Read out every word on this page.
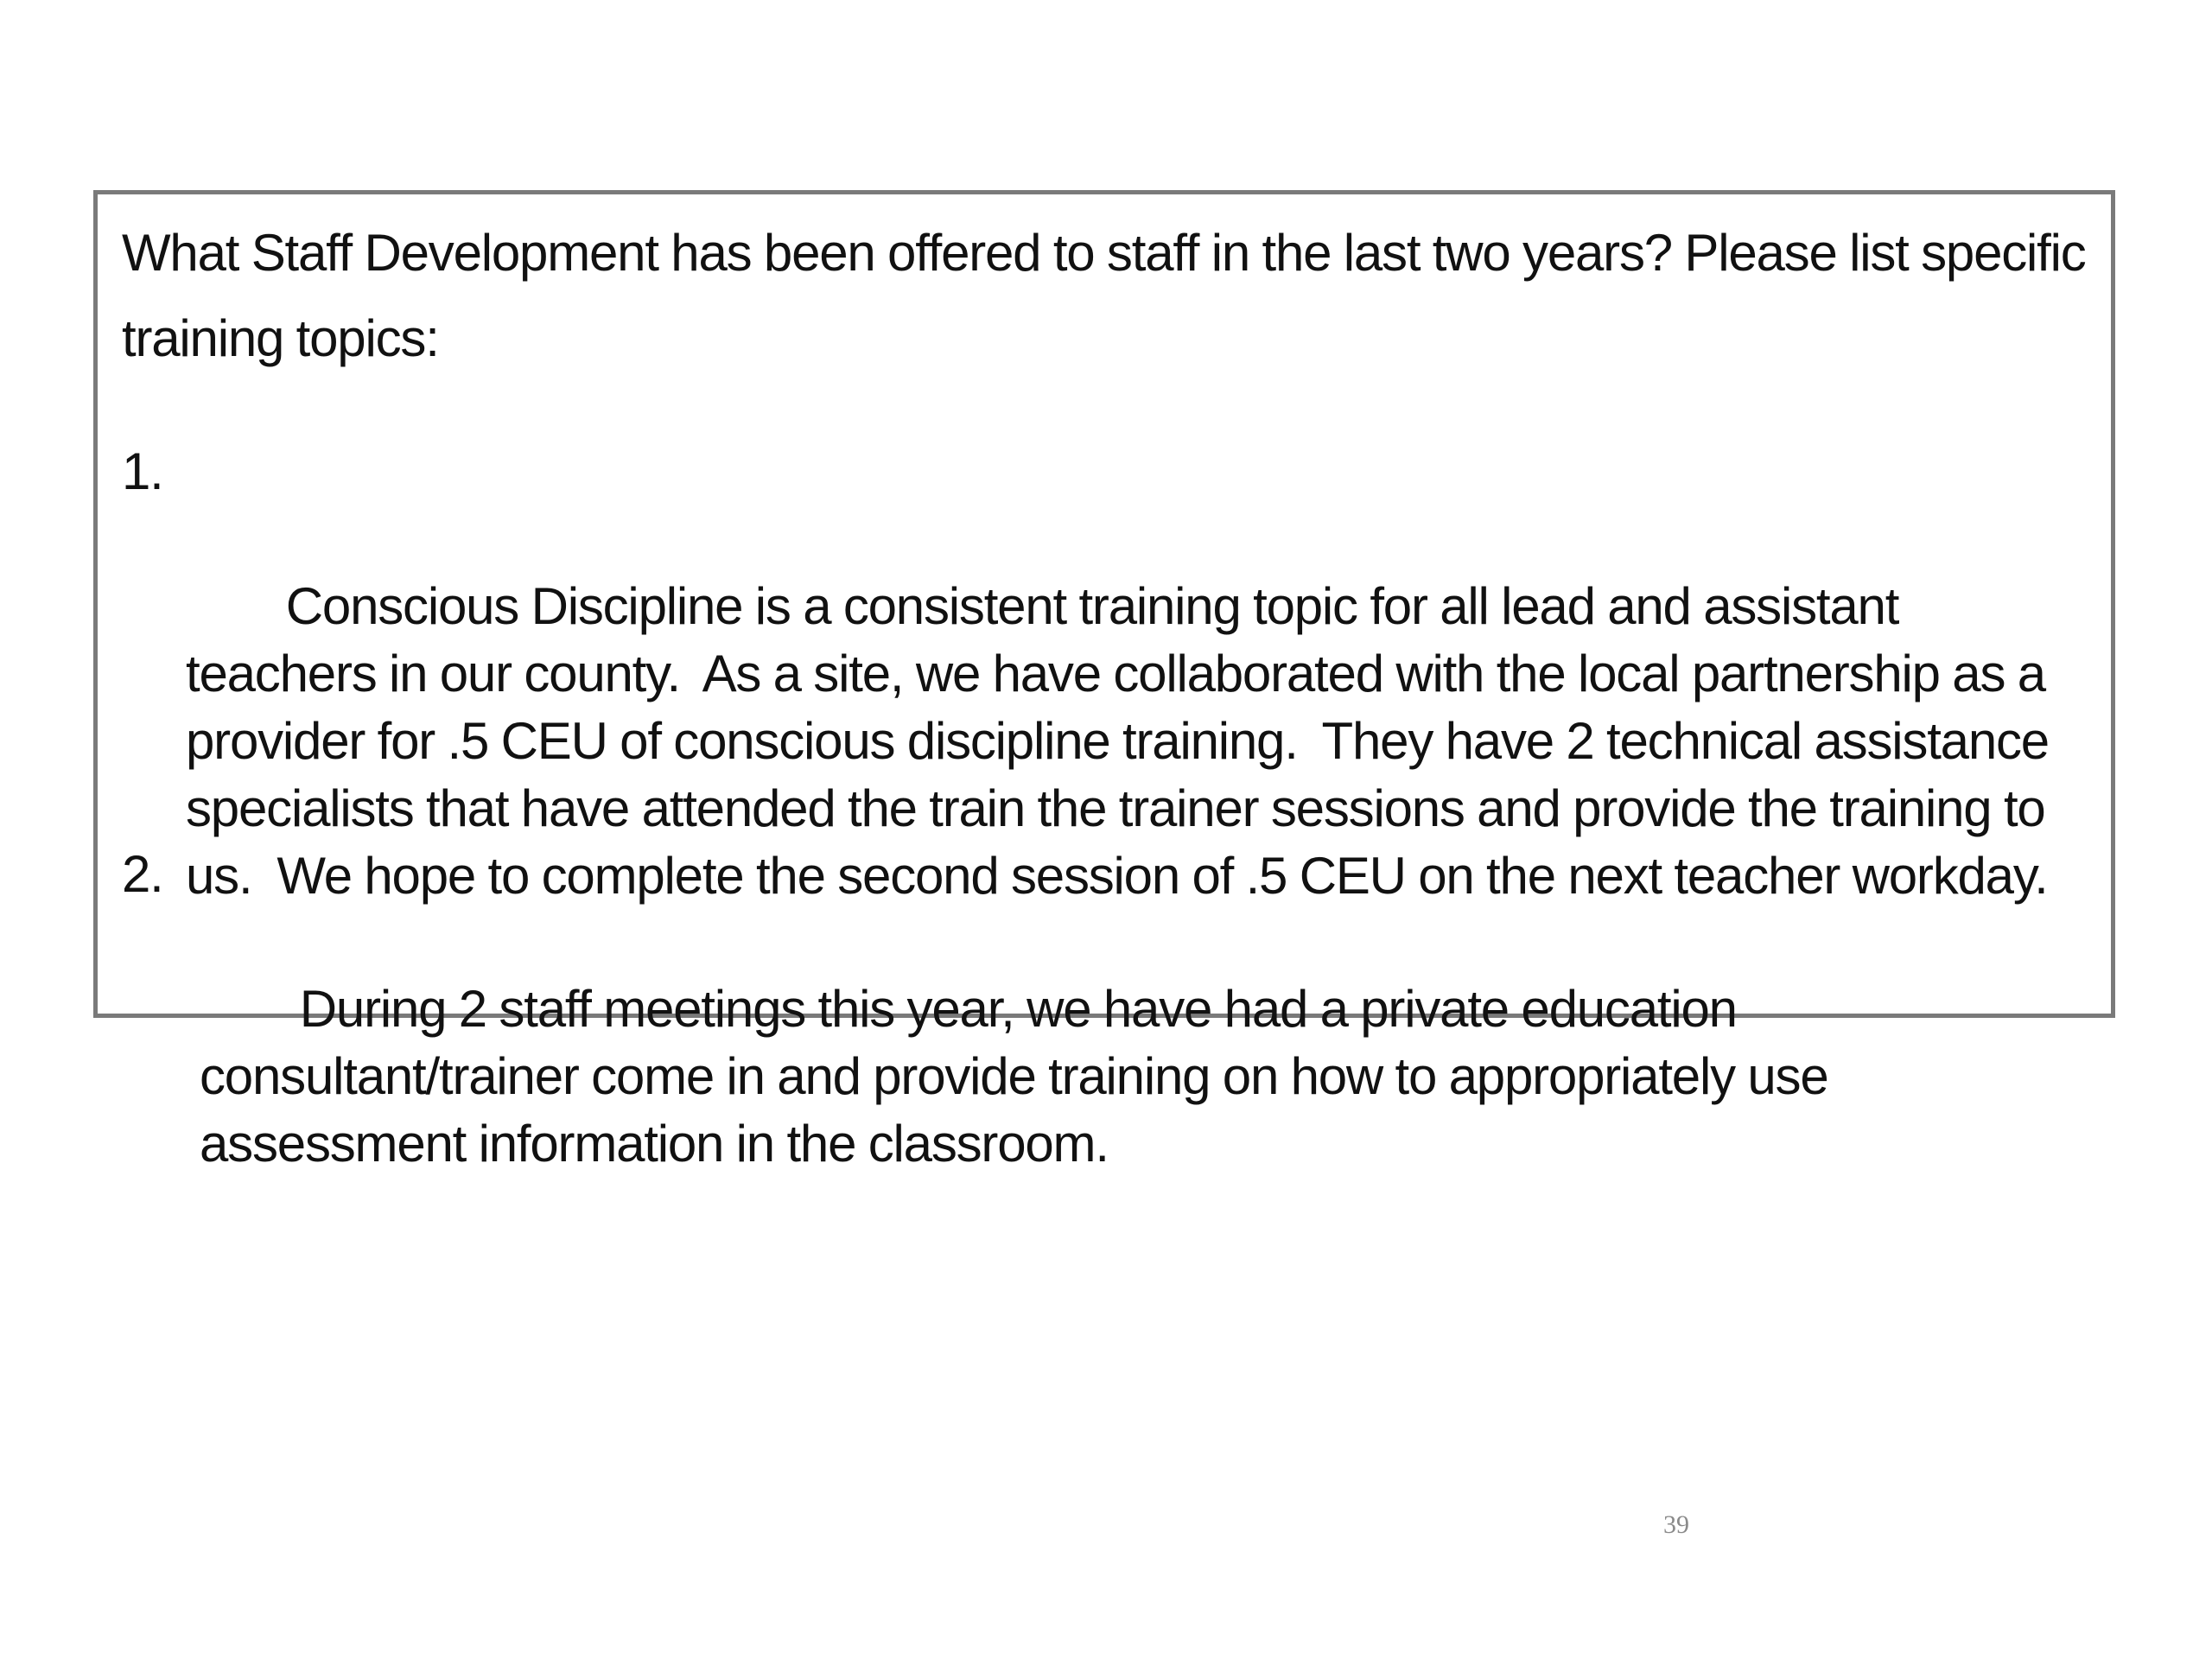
What Staff Development has been offered to staff in the last two years? Please list specific training topics:

1.

Conscious Discipline is a consistent training topic for all lead and assistant teachers in our county.  As a site, we have collaborated with the local partnership as a provider for .5 CEU of conscious discipline training.  They have 2 technical assistance specialists that have attended the train the trainer sessions and provide the training to us.  We hope to complete the second session of .5 CEU on the next teacher workday.

2.

During 2 staff meetings this year, we have had a private education consultant/trainer come in and provide training on how to appropriately use assessment information in the classroom.

39
